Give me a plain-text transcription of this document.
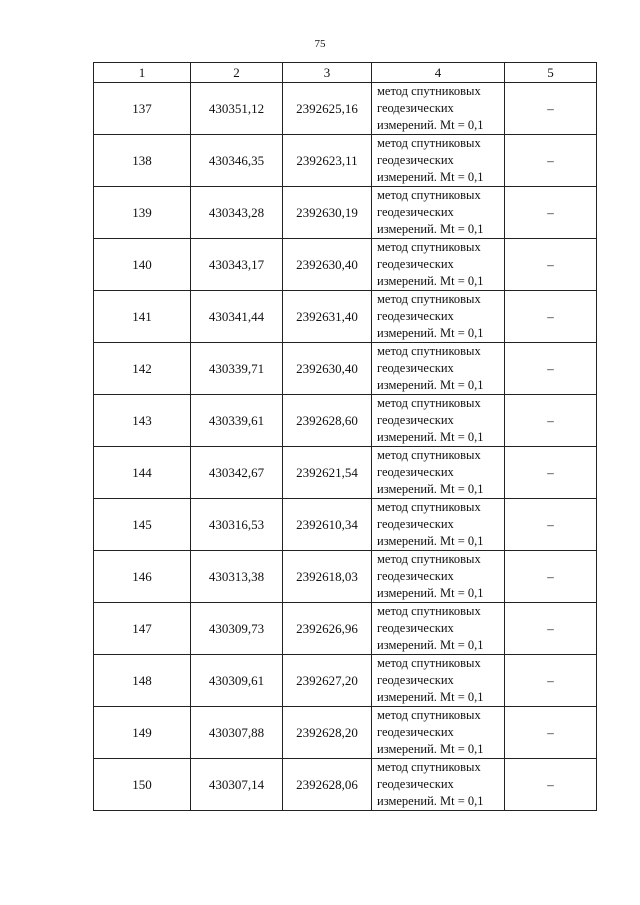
75
1	2	3	4	5
137	430351,12	2392625,16	метод спутниковых
геодезических
измерений. Mt = 0,1	–
138	430346,35	2392623,11	метод спутниковых
геодезических
измерений. Mt = 0,1	–
139	430343,28	2392630,19	метод спутниковых
геодезических
измерений. Mt = 0,1	–
140	430343,17	2392630,40	метод спутниковых
геодезических
измерений. Mt = 0,1	–
141	430341,44	2392631,40	метод спутниковых
геодезических
измерений. Mt = 0,1	–
142	430339,71	2392630,40	метод спутниковых
геодезических
измерений. Mt = 0,1	–
143	430339,61	2392628,60	метод спутниковых
геодезических
измерений. Mt = 0,1	–
144	430342,67	2392621,54	метод спутниковых
геодезических
измерений. Mt = 0,1	–
145	430316,53	2392610,34	метод спутниковых
геодезических
измерений. Mt = 0,1	–
146	430313,38	2392618,03	метод спутниковых
геодезических
измерений. Mt = 0,1	–
147	430309,73	2392626,96	метод спутниковых
геодезических
измерений. Mt = 0,1	–
148	430309,61	2392627,20	метод спутниковых
геодезических
измерений. Mt = 0,1	–
149	430307,88	2392628,20	метод спутниковых
геодезических
измерений. Mt = 0,1	–
150	430307,14	2392628,06	метод спутниковых
геодезических
измерений. Mt = 0,1	–
